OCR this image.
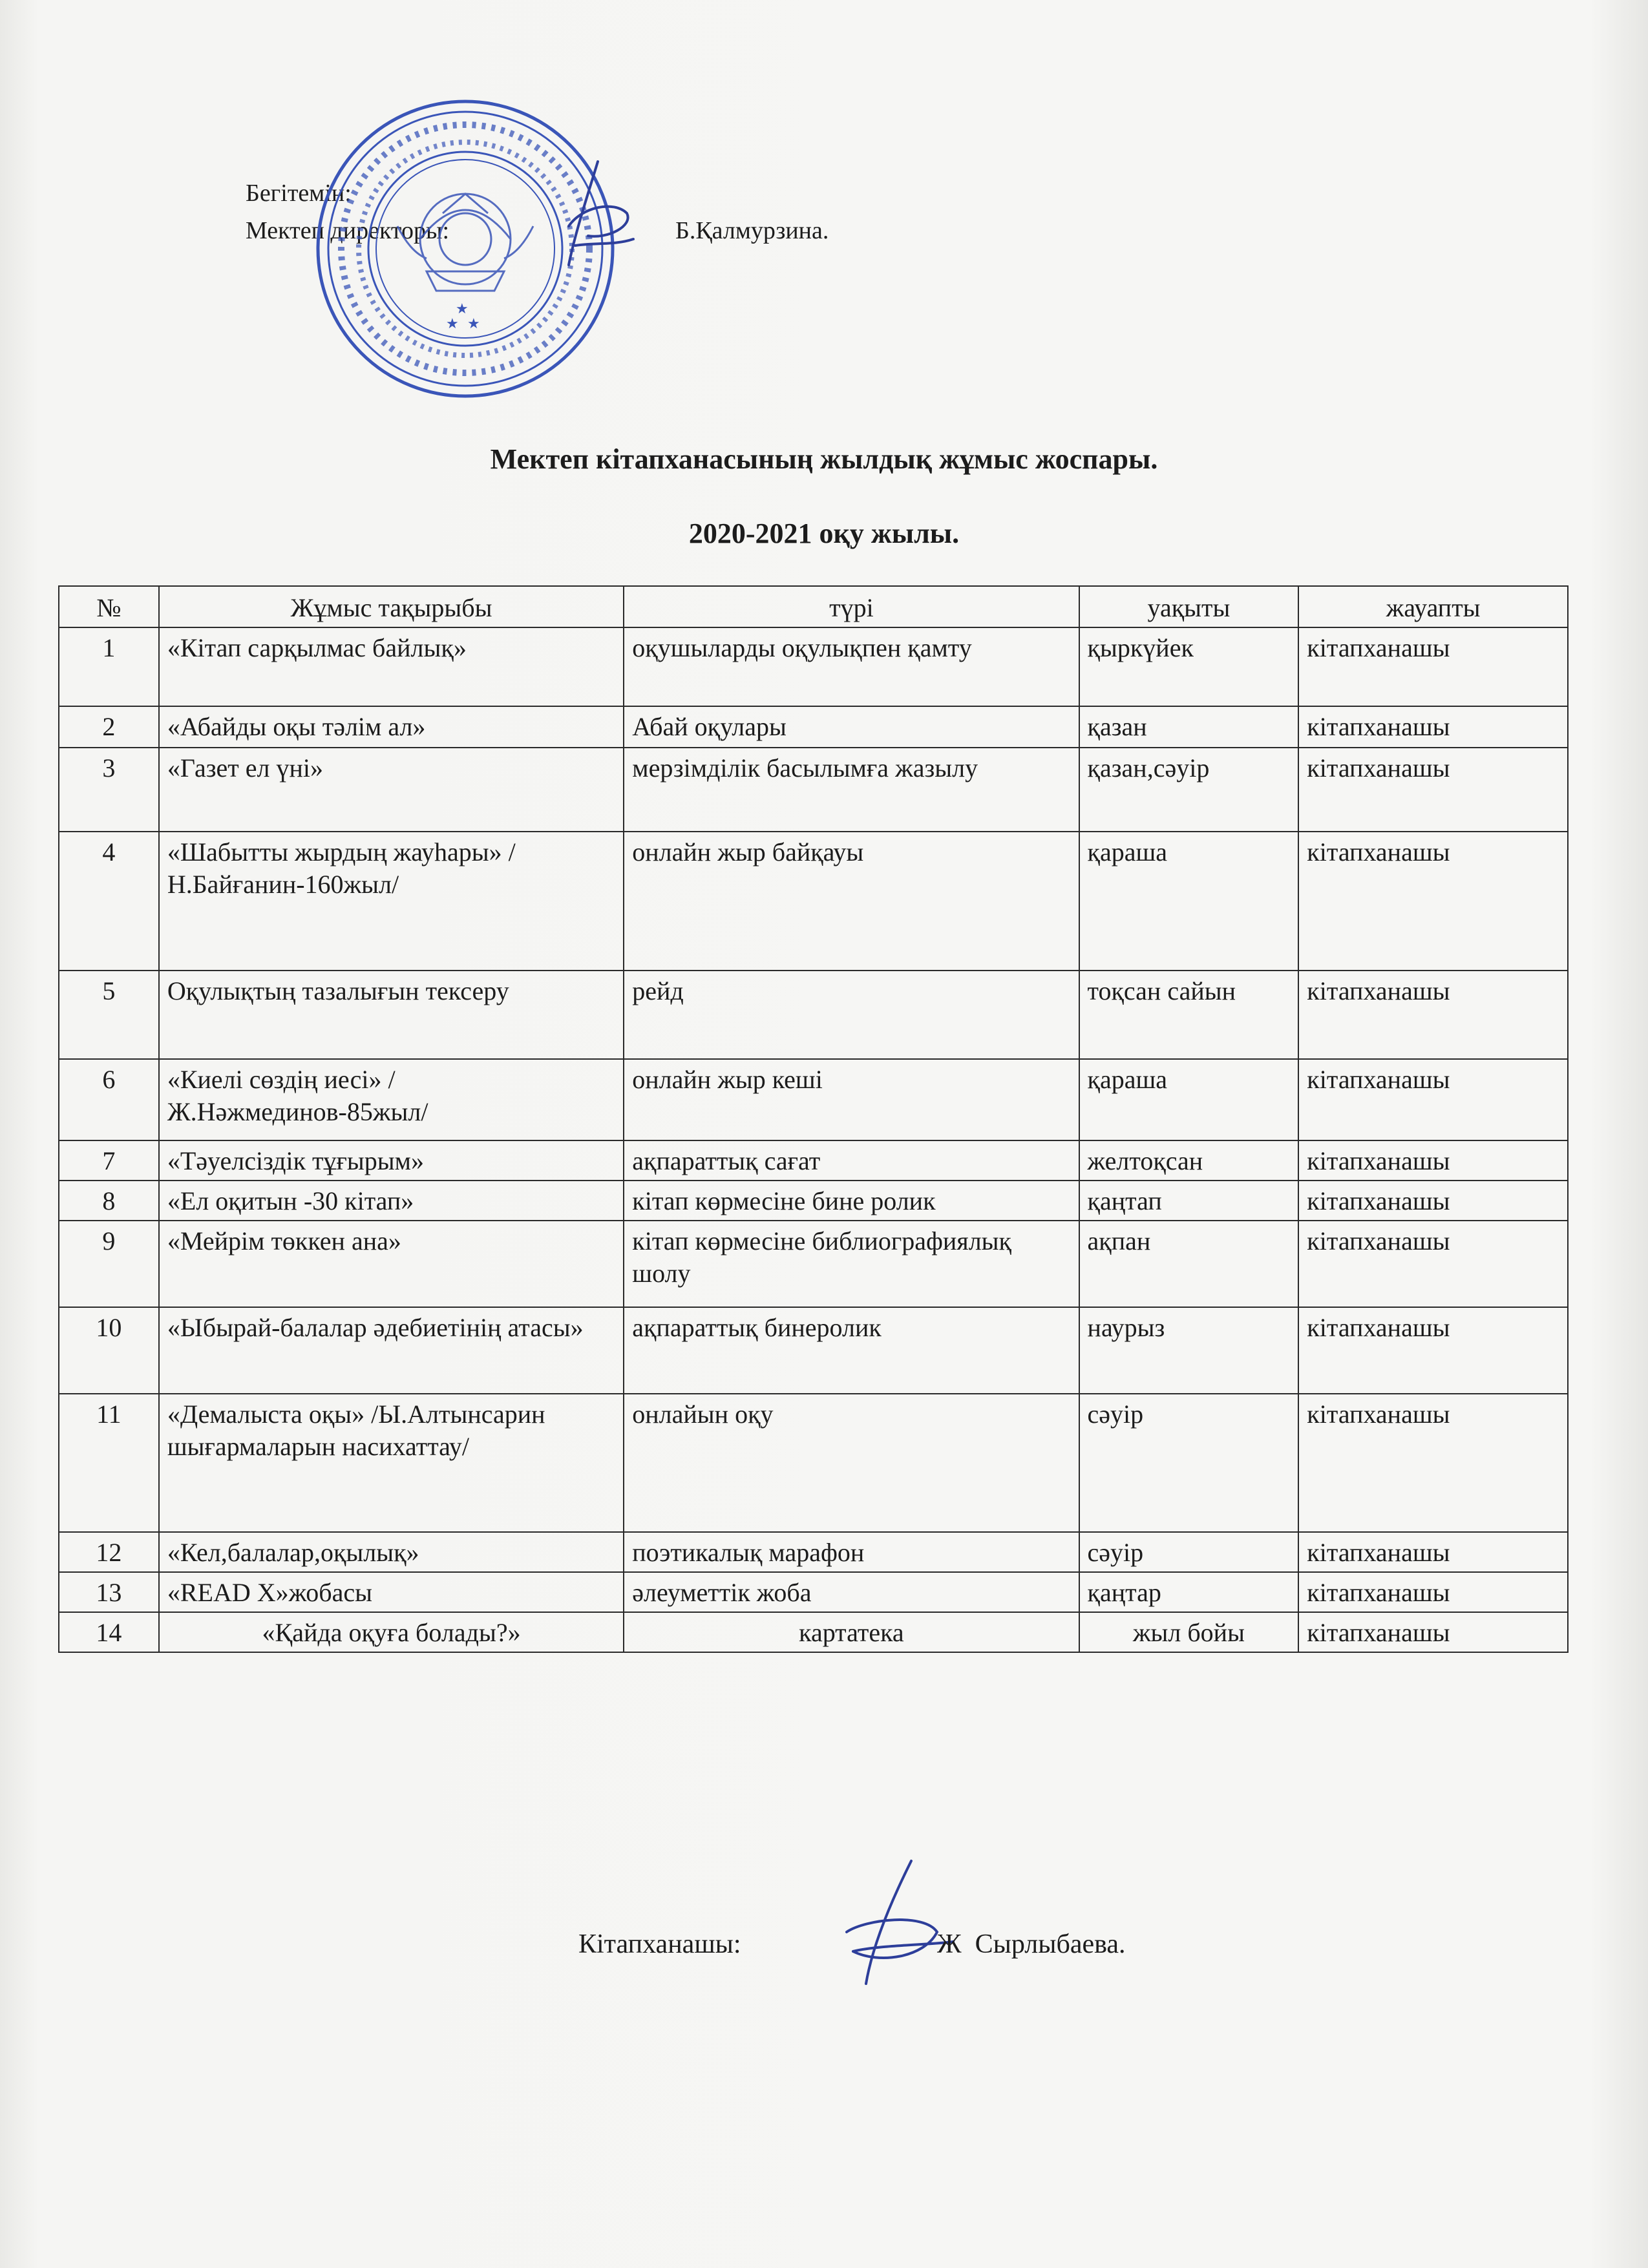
Бегітемін:
Мектеп директоры:	Б.Қалмурзина.
★
★
★
Мектеп кітапханасының жылдық жұмыс жоспары.
2020-2021 оқу жылы.
№	Жұмыс тақырыбы	түрі	уақыты	жауапты
1	«Кітап сарқылмас байлық»	оқушыларды оқулықпен қамту	қыркүйек	кітапханашы
2	«Абайды оқы тәлім ал»	Абай оқулары	қазан	кітапханашы
3	«Газет ел үні»	мерзімділік басылымға жазылу	қазан,сәуір	кітапханашы
4	«Шабытты жырдың жауһары» /Н.Байғанин-160жыл/	онлайн жыр байқауы	қараша	кітапханашы
5	Оқулықтың тазалығын тексеру	рейд	тоқсан сайын	кітапханашы
6	«Киелі сөздің иесі» /Ж.Нәжмединов-85жыл/	онлайн жыр кеші	қараша	кітапханашы
7	«Тәуелсіздік тұғырым»	ақпараттық сағат	желтоқсан	кітапханашы
8	«Ел оқитын -30 кітап»	кітап көрмесіне бине ролик	қаңтап	кітапханашы
9	«Мейрім төккен ана»	кітап көрмесіне библиографиялық шолу	ақпан	кітапханашы
10	«Ыбырай-балалар әдебиетінің атасы»	ақпараттық бинеролик	наурыз	кітапханашы
11	«Демалыста оқы» /Ы.Алтынсарин шығармаларын насихаттау/	онлайын оқу	сәуір	кітапханашы
12	«Кел,балалар,оқылық»	поэтикалық марафон	сәуір	кітапханашы
13	«READ X»жобасы	әлеуметтік жоба	қаңтар	кітапханашы
14	«Қайда оқуға болады?»	картатека	жыл бойы	кітапханашы
Кітапханашы:	Ж  Сырлыбаева.
